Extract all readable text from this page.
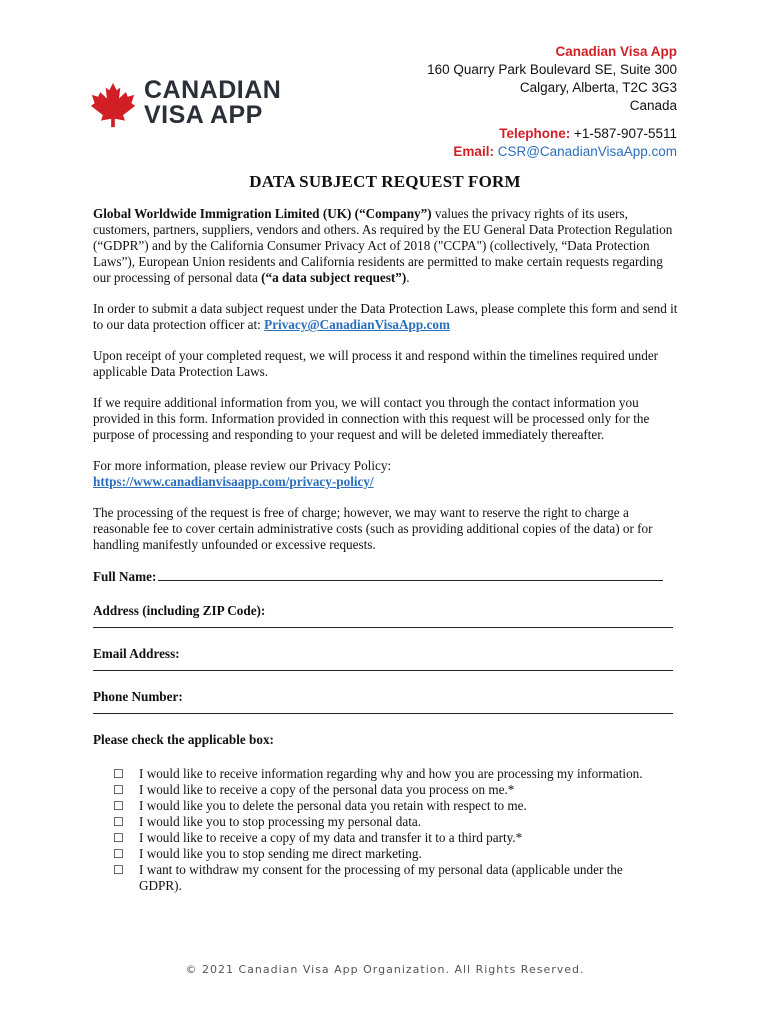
CANADIAN
VISA APP
Canadian Visa App
160 Quarry Park Boulevard SE, Suite 300
Calgary, Alberta, T2C 3G3
Canada
Telephone: +1-587-907-5511
Email: CSR@CanadianVisaApp.com
DATA SUBJECT REQUEST FORM

Global Worldwide Immigration Limited (UK) (“Company”) values the privacy rights of its users, customers, partners, suppliers, vendors and others. As required by the EU General Data Protection Regulation (“GDPR”) and by the California Consumer Privacy Act of 2018 ("CCPA") (collectively, “Data Protection Laws”), European Union residents and California residents are permitted to make certain requests regarding our processing of personal data (“a data subject request”).

In order to submit a data subject request under the Data Protection Laws, please complete this form and send it to our data protection officer at: Privacy@CanadianVisaApp.com

Upon receipt of your completed request, we will process it and respond within the timelines required under applicable Data Protection Laws.

If we require additional information from you, we will contact you through the contact information you provided in this form. Information provided in connection with this request will be processed only for the purpose of processing and responding to your request and will be deleted immediately thereafter.

For more information, please review our Privacy Policy:
https://www.canadianvisaapp.com/privacy-policy/

The processing of the request is free of charge; however, we may want to reserve the right to charge a reasonable fee to cover certain administrative costs (such as providing additional copies of the data) or for handling manifestly unfounded or excessive requests.

Full Name:
Address (including ZIP Code):
Email Address:
Phone Number:
Please check the applicable box:
☐	I would like to receive information regarding why and how you are processing my information.
☐	I would like to receive a copy of the personal data you process on me.*
☐	I would like you to delete the personal data you retain with respect to me.
☐	I would like you to stop processing my personal data.
☐	I would like to receive a copy of my data and transfer it to a third party.*
☐	I would like you to stop sending me direct marketing.
☐	I want to withdraw my consent for the processing of my personal data (applicable under the GDPR).
© 2021 Canadian Visa App Organization. All Rights Reserved.
